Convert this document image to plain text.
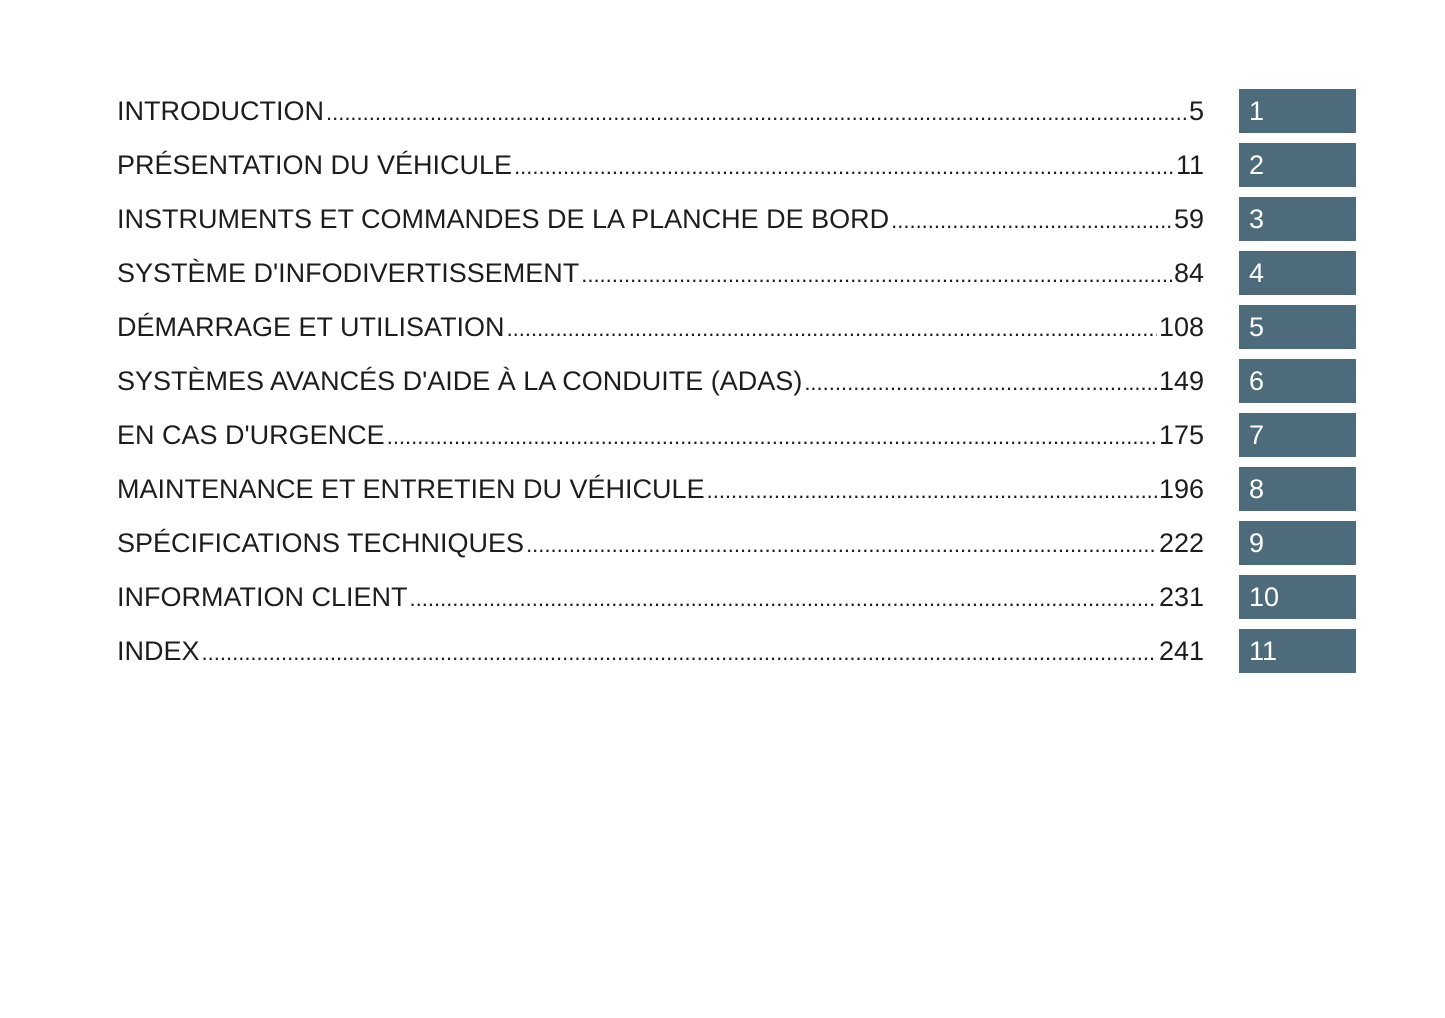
INTRODUCTION .....	5	1
PRÉSENTATION DU VÉHICULE .....	11	2
INSTRUMENTS ET COMMANDES DE LA PLANCHE DE BORD .....	59	3
SYSTÈME D'INFODIVERTISSEMENT .....	84	4
DÉMARRAGE ET UTILISATION .....	108	5
SYSTÈMES AVANCÉS D'AIDE À LA CONDUITE (ADAS) .....	149	6
EN CAS D'URGENCE .....	175	7
MAINTENANCE ET ENTRETIEN DU VÉHICULE .....	196	8
SPÉCIFICATIONS TECHNIQUES .....	222	9
INFORMATION CLIENT .....	231	10
INDEX .....	241	11
